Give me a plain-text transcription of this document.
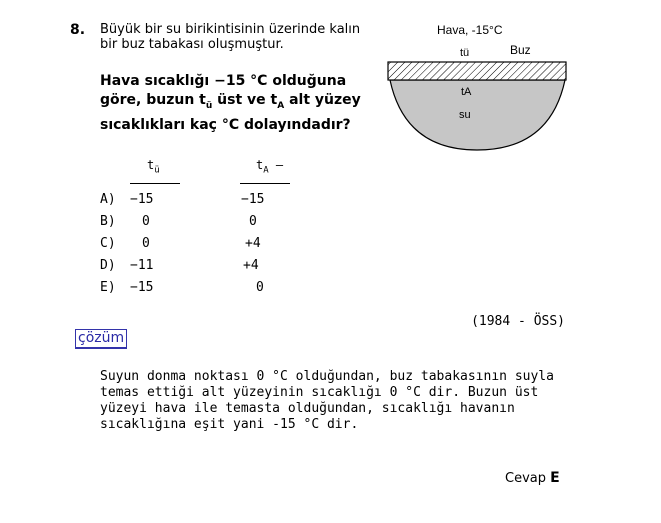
8. Büyük bir su birikintisinin üzerinde kalın bir buz tabakası oluşmuştur.
Hava sıcaklığı −15 °C olduğuna göre, buzun $t_ü$ üst ve $t_A$ alt yüzey sıcaklıkları kaç °C dolayındadır?
Hava, -15°C
tü	Buz
tA
su
$t_ü$	$t_A$ –
A) −15	−15
B) 0	0
C) 0	+4
D) −11	+4
E) −15	0
(1984 - ÖSS)
çözüm
Suyun donma noktası 0 °C olduğundan, buz tabakasının suyla temas ettiği alt yüzeyinin sıcaklığı 0 °C dir. Buzun üst yüzeyi hava ile temasta olduğundan, sıcaklığı havanın sıcaklığına eşit yani -15 °C dir.
Cevap E
